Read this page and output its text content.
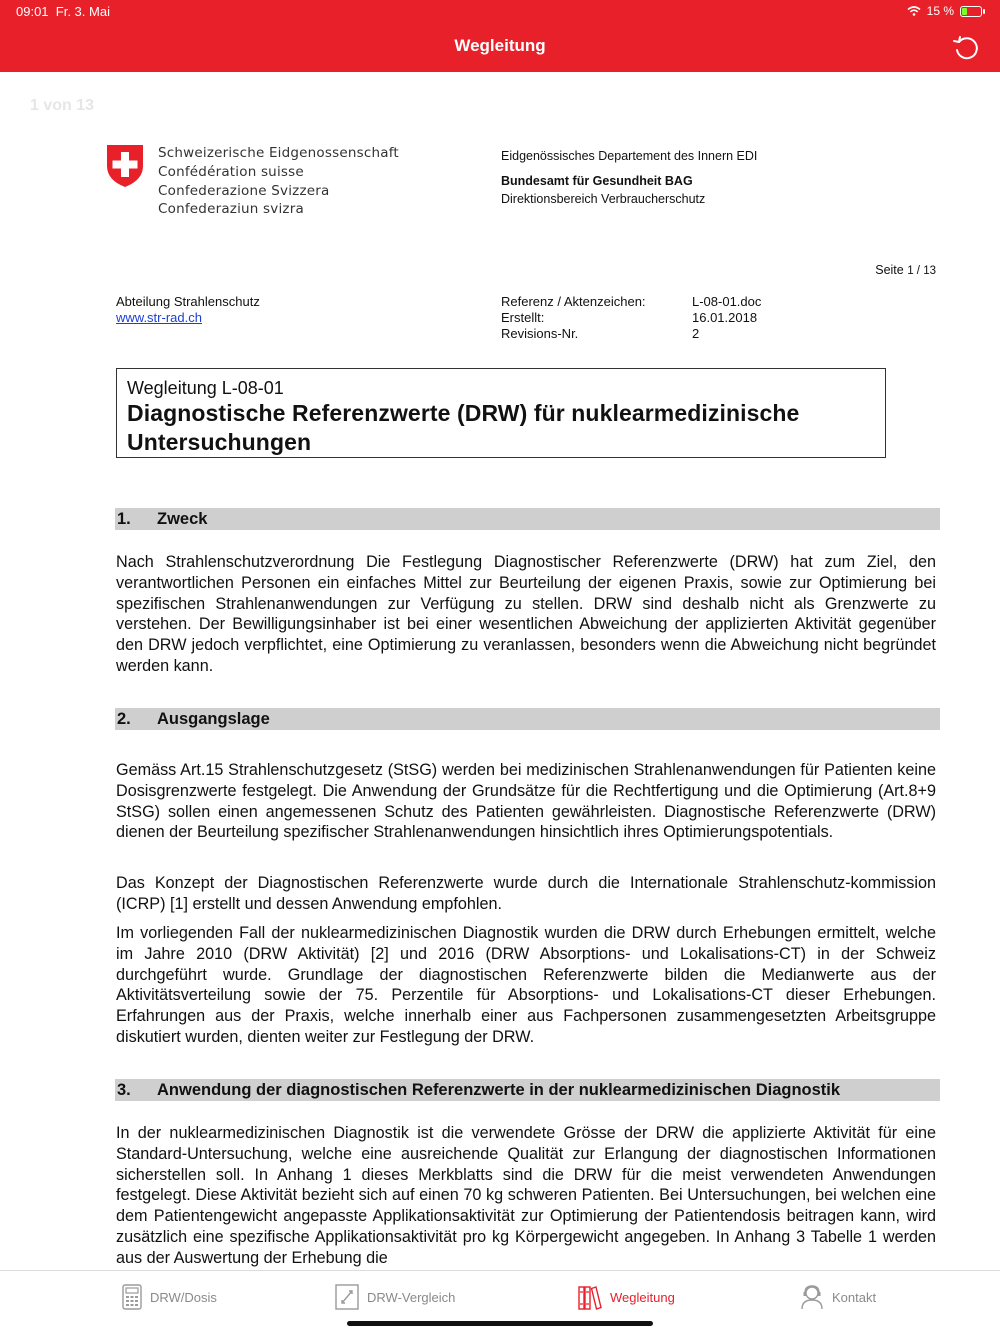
09:01 Fr. 3. Mai	15 %
Wegleitung
Schweizerische Eidgenossenschaft
Confédération suisse
Confederazione Svizzera
Confederaziun svizra
Eidgenössisches Departement des Innern EDI
Bundesamt für Gesundheit BAG
Direktionsbereich Verbraucherschutz
Seite 1 / 13
Abteilung Strahlenschutz
www.str-rad.ch
Referenz / Aktenzeichen:	L-08-01.doc
Erstellt:	16.01.2018
Revisions-Nr.	2
Wegleitung L-08-01
Diagnostische Referenzwerte (DRW) für nuklearmedizinische
Untersuchungen
1. Zweck
Nach Strahlenschutzverordnung Die Festlegung Diagnostischer Referenzwerte (DRW) hat zum Ziel, den verantwortlichen Personen ein einfaches Mittel zur Beurteilung der eigenen Praxis, sowie zur Optimierung bei spezifischen Strahlenanwendungen zur Verfügung zu stellen. DRW sind deshalb nicht als Grenzwerte zu verstehen. Der Bewilligungsinhaber ist bei einer wesentlichen Abweichung der applizierten Aktivität gegenüber den DRW jedoch verpflichtet, eine Optimierung zu veranlassen, besonders wenn die Abweichung nicht begründet werden kann.
2. Ausgangslage
Gemäss Art.15 Strahlenschutzgesetz (StSG) werden bei medizinischen Strahlenanwendungen für Patienten keine Dosisgrenzwerte festgelegt. Die Anwendung der Grundsätze für die Rechtfertigung und die Optimierung (Art.8+9 StSG) sollen einen angemessenen Schutz des Patienten gewährleisten. Diagnostische Referenzwerte (DRW) dienen der Beurteilung spezifischer Strahlenanwendungen hinsichtlich ihres Optimierungspotentials.
Das Konzept der Diagnostischen Referenzwerte wurde durch die Internationale Strahlenschutz-kommission (ICRP) [1] erstellt und dessen Anwendung empfohlen.
Im vorliegenden Fall der nuklearmedizinischen Diagnostik wurden die DRW durch Erhebungen ermittelt, welche im Jahre 2010 (DRW Aktivität) [2] und 2016 (DRW Absorptions- und Lokalisations-CT) in der Schweiz durchgeführt wurde. Grundlage der diagnostischen Referenzwerte bilden die Medianwerte aus der Aktivitätsverteilung sowie der 75. Perzentile für Absorptions- und Lokalisations-CT dieser Erhebungen. Erfahrungen aus der Praxis, welche innerhalb einer aus Fachpersonen zusammengesetzten Arbeitsgruppe diskutiert wurden, dienten weiter zur Festlegung der DRW.
3. Anwendung der diagnostischen Referenzwerte in der nuklearmedizinischen Diagnostik
In der nuklearmedizinischen Diagnostik ist die verwendete Grösse der DRW die applizierte Aktivität für eine Standard-Untersuchung, welche eine ausreichende Qualität zur Erlangung der diagnostischen Informationen sicherstellen soll. In Anhang 1 dieses Merkblatts sind die DRW für die meist verwendeten Anwendungen festgelegt. Diese Aktivität bezieht sich auf einen 70 kg schweren Patienten. Bei Untersuchungen, bei welchen eine dem Patientengewicht angepasste Applikationsaktivität zur Optimierung der Patientendosis beitragen kann, wird zusätzlich eine spezifische Applikationsaktivität pro kg Körpergewicht angegeben. In Anhang 3 Tabelle 1 werden aus der Auswertung der Erhebung die
1 von 13
DRW/Dosis	DRW-Vergleich	Wegleitung	Kontakt
